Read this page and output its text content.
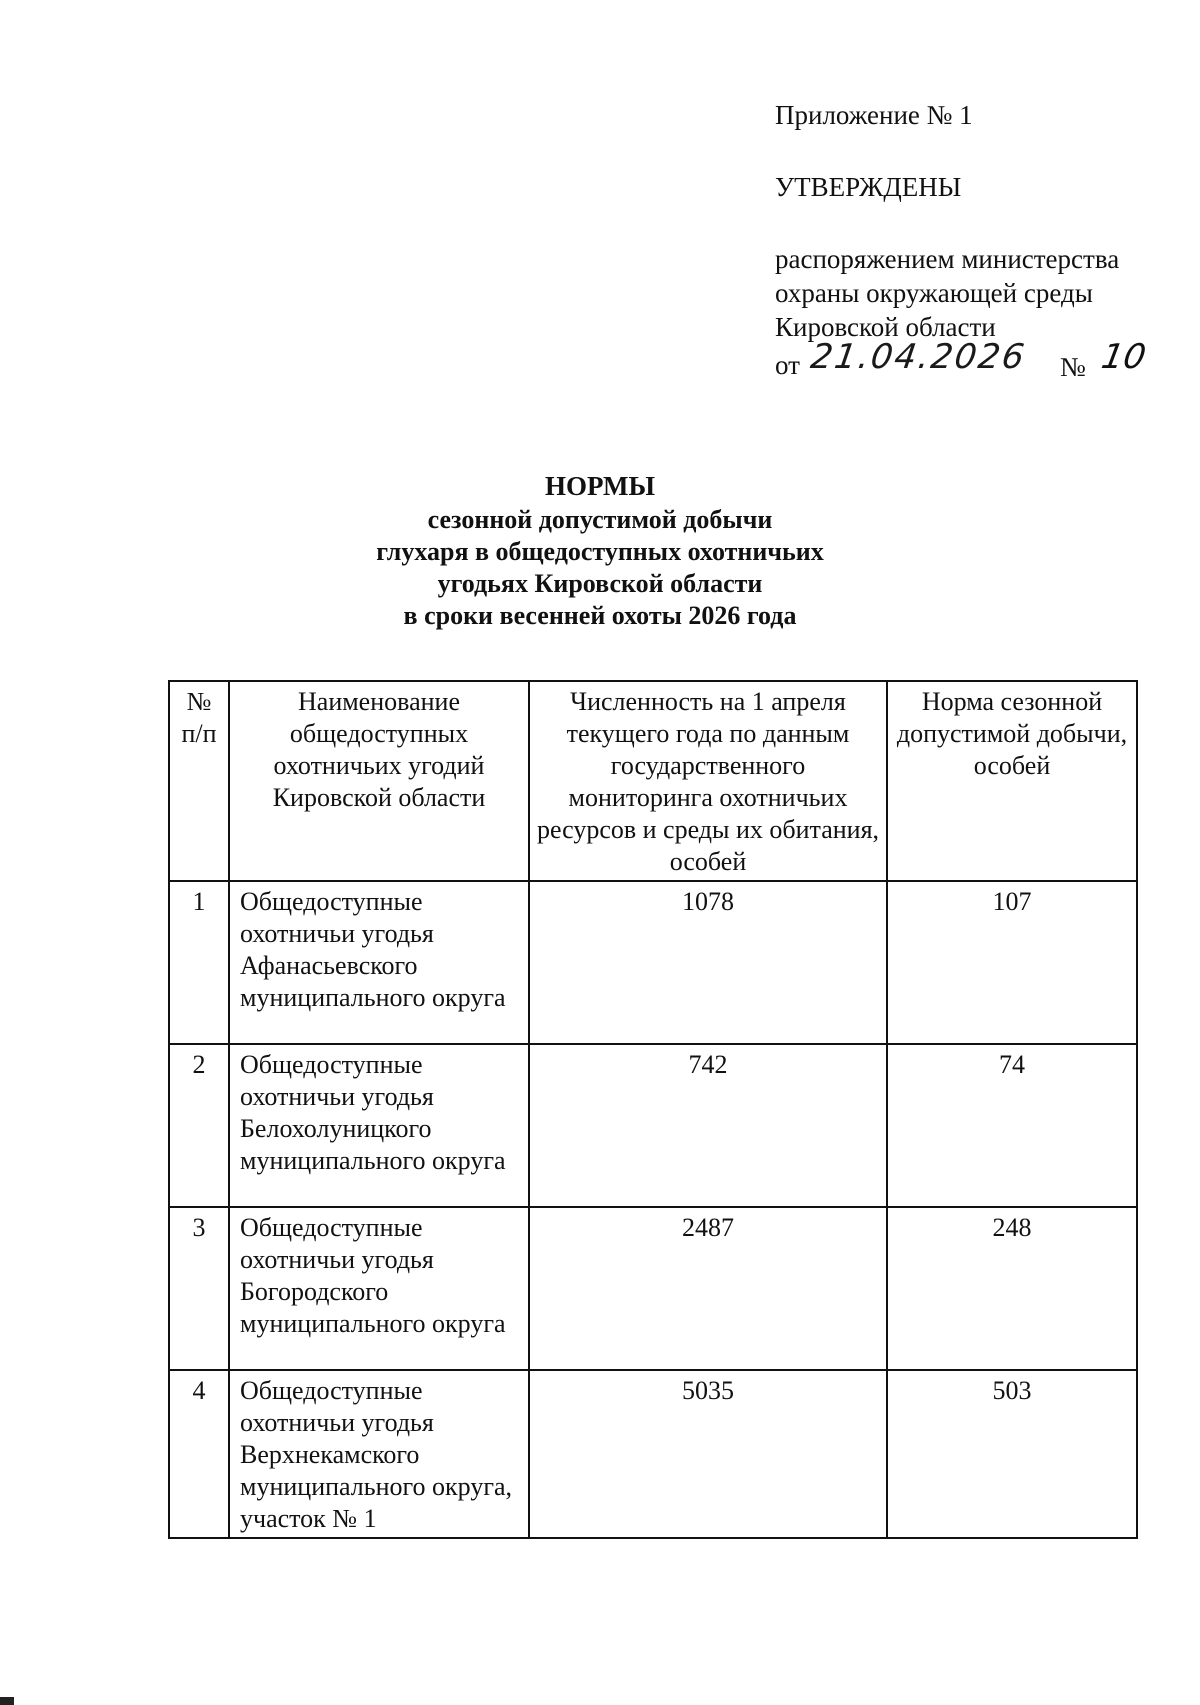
Приложение № 1
УТВЕРЖДЕНЫ
распоряжением министерства
охраны окружающей среды
Кировской области
от 21.04.2026 № 10
НОРМЫ
сезонной допустимой добычи
глухаря в общедоступных охотничьих
угодьях Кировской области
в сроки весенней охоты 2026 года
№ п/п	Наименование общедоступных охотничьих угодий Кировской области	Численность на 1 апреля текущего года по данным государственного мониторинга охотничьих ресурсов и среды их обитания, особей	Норма сезонной допустимой добычи, особей
1	Общедоступные охотничьи угодья Афанасьевского муниципального округа	1078	107
2	Общедоступные охотничьи угодья Белохолуницкого муниципального округа	742	74
3	Общедоступные охотничьи угодья Богородского муниципального округа	2487	248
4	Общедоступные охотничьи угодья Верхнекамского муниципального округа, участок № 1	5035	503
